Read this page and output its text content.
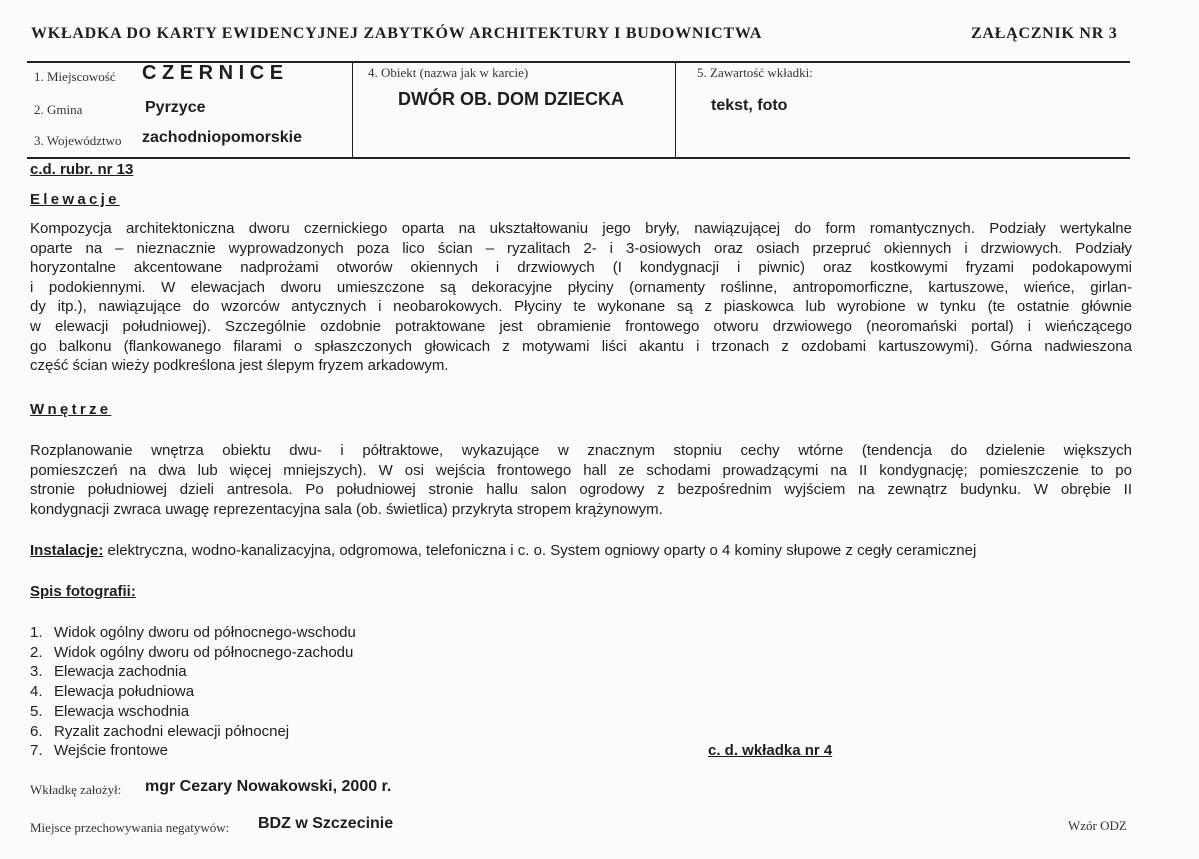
WKŁADKA DO KARTY EWIDENCYJNEJ ZABYTKÓW ARCHITEKTURY I BUDOWNICTWA	ZAŁĄCZNIK NR 3
1. Miejscowość C Z E R N I C E
2. Gmina	Pyrzyce
3. Województwo zachodniopomorskie
4. Obiekt (nazwa jak w karcie)
DWÓR OB. DOM DZIECKA
5. Zawartość wkładki:
tekst, foto
c.d. rubr. nr 13
Elewacje
Kompozycja architektoniczna dworu czernickiego oparta na ukształtowaniu jego bryły, nawiązującej do form romantycznych. Podziały wertykalne
oparte na – nieznacznie wyprowadzonych poza lico ścian – ryzalitach 2- i 3-osiowych oraz osiach przepruć okiennych i drzwiowych. Podziały
horyzontalne akcentowane nadprożami otworów okiennych i drzwiowych (I kondygnacji i piwnic) oraz kostkowymi fryzami podokapowymi
i podokiennymi. W elewacjach dworu umieszczone są dekoracyjne płyciny (ornamenty roślinne, antropomorficzne, kartuszowe, wieńce, girlan-
dy itp.), nawiązujące do wzorców antycznych i neobarokowych. Płyciny te wykonane są z piaskowca lub wyrobione w tynku (te ostatnie głównie
w elewacji południowej). Szczególnie ozdobnie potraktowane jest obramienie frontowego otworu drzwiowego (neoromański portal) i wieńczącego
go balkonu (flankowanego filarami o spłaszczonych głowicach z motywami liści akantu i trzonach z ozdobami kartuszowymi). Górna nadwieszona
część ścian wieży podkreślona jest ślepym fryzem arkadowym.
Wnętrze
Rozplanowanie wnętrza obiektu dwu- i półtraktowe, wykazujące w znacznym stopniu cechy wtórne (tendencja do dzielenie większych
pomieszczeń na dwa lub więcej mniejszych). W osi wejścia frontowego hall ze schodami prowadzącymi na II kondygnację; pomieszczenie to po
stronie południowej dzieli antresola. Po południowej stronie hallu salon ogrodowy z bezpośrednim wyjściem na zewnątrz budynku. W obrębie II
kondygnacji zwraca uwagę reprezentacyjna sala (ob. świetlica) przykryta stropem krążynowym.
Instalacje: elektryczna, wodno-kanalizacyjna, odgromowa, telefoniczna i c. o. System ogniowy oparty o 4 kominy słupowe z cegły ceramicznej
Spis fotografii:
1. Widok ogólny dworu od północnego-wschodu
2. Widok ogólny dworu od północnego-zachodu
3. Elewacja zachodnia
4. Elewacja południowa
5. Elewacja wschodnia
6. Ryzalit zachodni elewacji północnej
7. Wejście frontowe	c. d. wkładka nr 4
Wkładkę założył: mgr Cezary Nowakowski, 2000 r.
Miejsce przechowywania negatywów: BDZ w Szczecinie	Wzór ODZ
